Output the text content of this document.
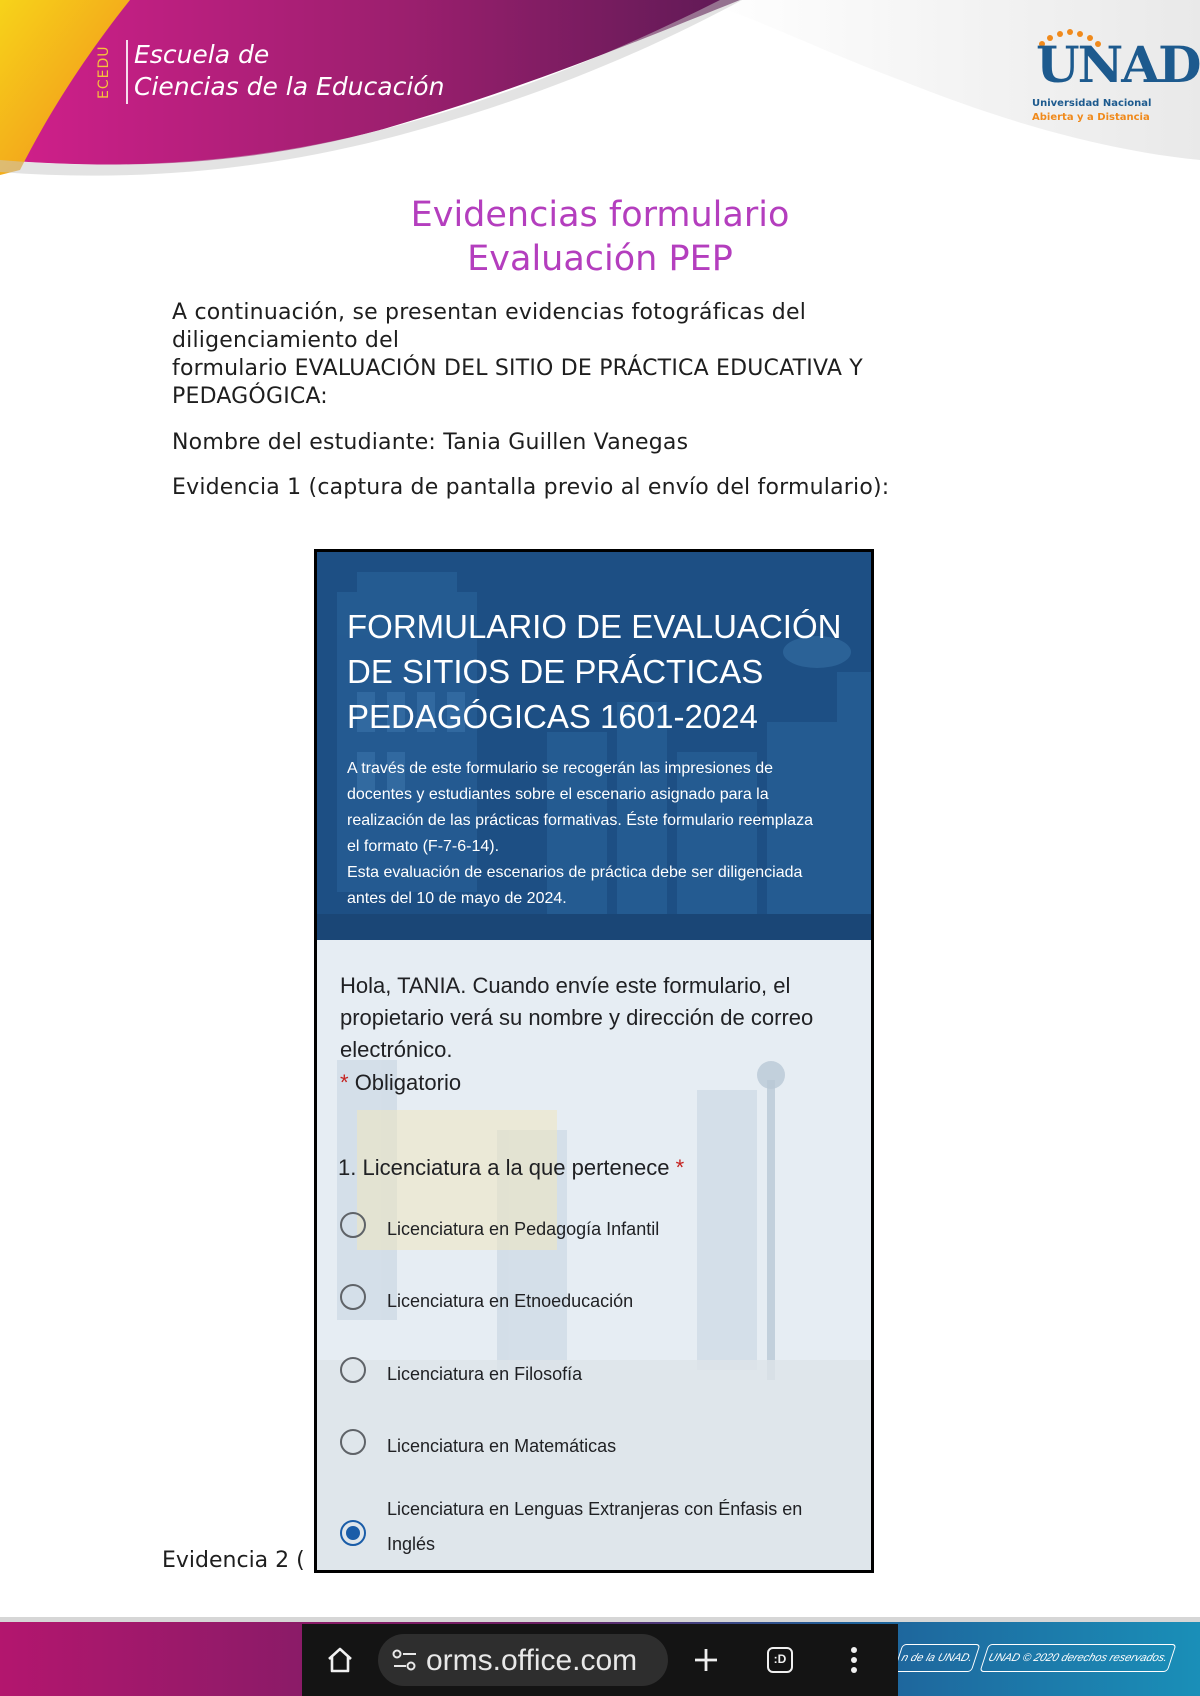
ECEDU Escuela de
Ciencias de la Educación	UNAD
Universidad Nacional
Abierta y a Distancia
Evidencias formulario
Evaluación PEP
A continuación, se presentan evidencias fotográficas del
diligenciamiento del
formulario EVALUACIÓN DEL SITIO DE PRÁCTICA EDUCATIVA Y
PEDAGÓGICA:
Nombre del estudiante: Tania Guillen Vanegas
Evidencia 1 (captura de pantalla previo al envío del formulario):
FORMULARIO DE EVALUACIÓN
DE SITIOS DE PRÁCTICAS
PEDAGÓGICAS 1601-2024
A través de este formulario se recogerán las impresiones de
docentes y estudiantes sobre el escenario asignado para la
realización de las prácticas formativas. Éste formulario reemplaza
el formato (F-7-6-14).
Esta evaluación de escenarios de práctica debe ser diligenciada
antes del 10 de mayo de 2024.
Hola, TANIA. Cuando envíe este formulario, el propietario verá su nombre y dirección de correo electrónico.
* Obligatorio
1. Licenciatura a la que pertenece *
Licenciatura en Pedagogía Infantil
Licenciatura en Etnoeducación
Licenciatura en Filosofía
Licenciatura en Matemáticas
Licenciatura en Lenguas Extranjeras con Énfasis en Inglés
Evidencia 2 (
n de la UNAD.	UNAD © 2020 derechos reservados.
orms.office.com	:D
